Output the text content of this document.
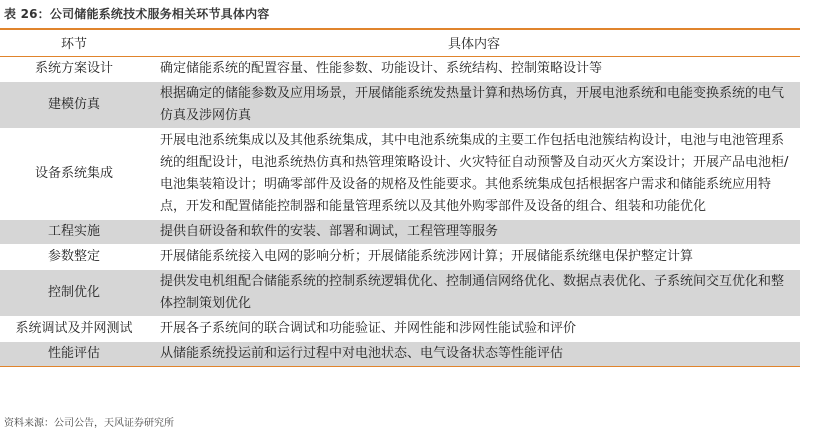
表 26：公司储能系统技术服务相关环节具体内容
环节	具体内容
系统方案设计	确定储能系统的配置容量、性能参数、功能设计、系统结构、控制策略设计等
建模仿真	根据确定的储能参数及应用场景，开展储能系统发热量计算和热场仿真，开展电池系统和电能变换系统的电气仿真及涉网仿真
设备系统集成	开展电池系统集成以及其他系统集成，其中电池系统集成的主要工作包括电池簇结构设计，电池与电池管理系统的组配设计，电池系统热仿真和热管理策略设计、火灾特征自动预警及自动灭火方案设计；开展产品电池柜/电池集装箱设计；明确零部件及设备的规格及性能要求。其他系统集成包括根据客户需求和储能系统应用特点，开发和配置储能控制器和能量管理系统以及其他外购零部件及设备的组合、组装和功能优化
工程实施	提供自研设备和软件的安装、部署和调试，工程管理等服务
参数整定	开展储能系统接入电网的影响分析；开展储能系统涉网计算；开展储能系统继电保护整定计算
控制优化	提供发电机组配合储能系统的控制系统逻辑优化、控制通信网络优化、数据点表优化、子系统间交互优化和整体控制策划优化
系统调试及并网测试	开展各子系统间的联合调试和功能验证、并网性能和涉网性能试验和评价
性能评估	从储能系统投运前和运行过程中对电池状态、电气设备状态等性能评估
资料来源：公司公告，天风证券研究所
